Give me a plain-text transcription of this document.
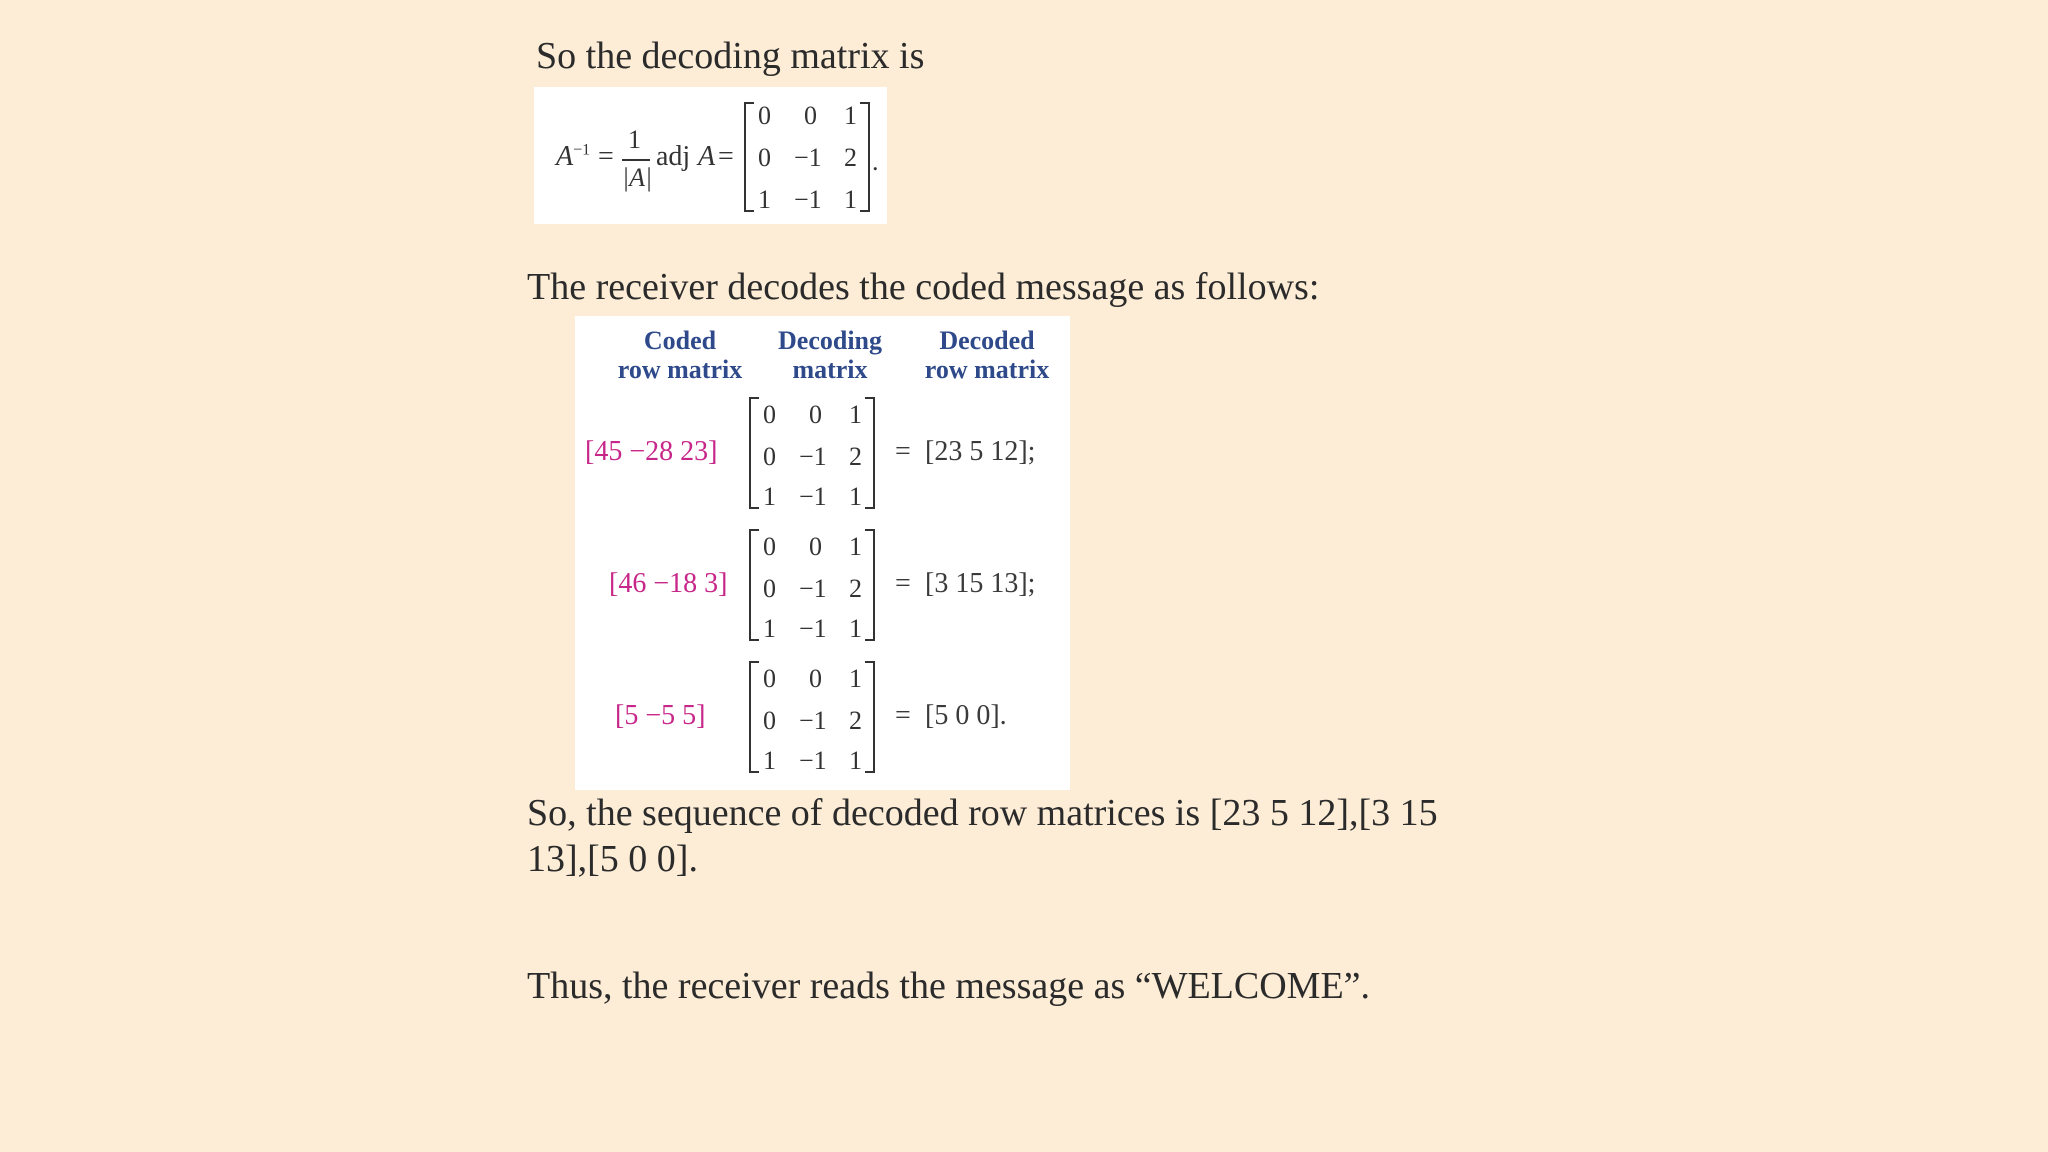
So the decoding matrix is
$A^{-1}$ =
1
|A|
adj A =
0 0 1
0 −1 2
1 −1 1
.
The receiver decodes the coded message as follows:
Coded
row matrix
Decoding
matrix
Decoded
row matrix
[45 −28 23]
0 0 1
0 −1 2
1 −1 1
= [23 5 12];
[46 −18 3]
0 0 1
0 −1 2
1 −1 1
= [3 15 13];
[5 −5 5]
0 0 1
0 −1 2
1 −1 1
= [5 0 0].
So, the sequence of decoded row matrices is [23 5 12],[3 15
13],[5 0 0].
Thus, the receiver reads the message as “WELCOME”.
